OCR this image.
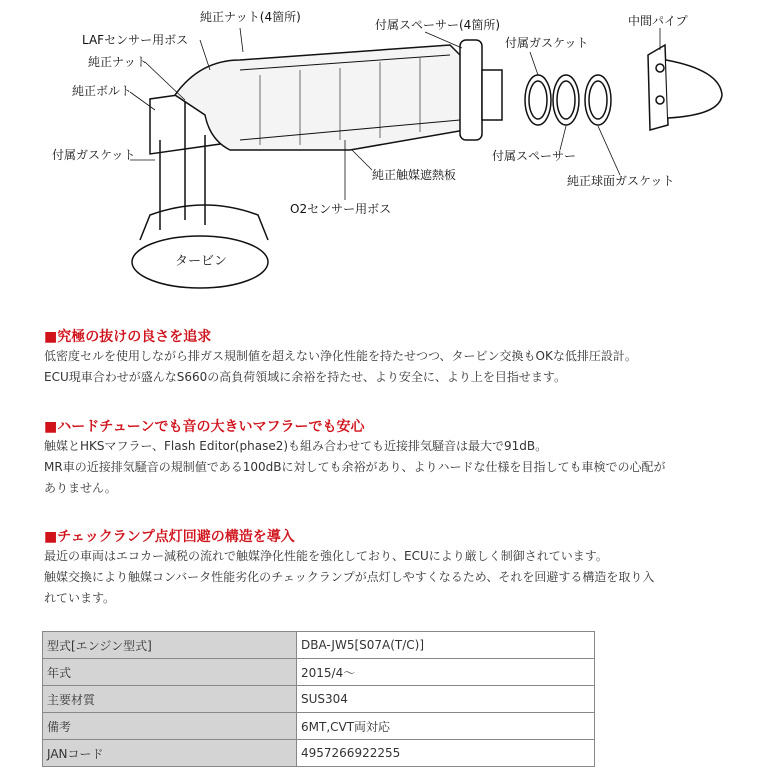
純正ナット(4箇所)
LAFセンサー用ボス
純正ナット
純正ボルト
付属ガスケット
付属スペーサー(4箇所)
付属ガスケット
中間パイプ
付属スペーサー
純正触媒遮熱板	純正球面ガスケット
O2センサー用ボス
タービン
■究極の抜けの良さを追求
低密度セルを使用しながら排ガス規制値を超えない浄化性能を持たせつつ、タービン交換もOKな低排圧設計。
ECU現車合わせが盛んなS660の高負荷領域に余裕を持たせ、より安全に、より上を目指せます。
■ハードチューンでも音の大きいマフラーでも安心
触媒とHKSマフラー、Flash Editor(phase2)も組み合わせても近接排気騒音は最大で91dB。
MR車の近接排気騒音の規制値である100dBに対しても余裕があり、よりハードな仕様を目指しても車検での心配が
ありません。
■チェックランプ点灯回避の構造を導入
最近の車両はエコカー減税の流れで触媒浄化性能を強化しており、ECUにより厳しく制御されています。
触媒交換により触媒コンバータ性能劣化のチェックランプが点灯しやすくなるため、それを回避する構造を取り入
れています。
型式[エンジン型式]	DBA-JW5[S07A(T/C)]
年式	2015/4～
主要材質	SUS304
備考	6MT,CVT両対応
JANコード	4957266922255
